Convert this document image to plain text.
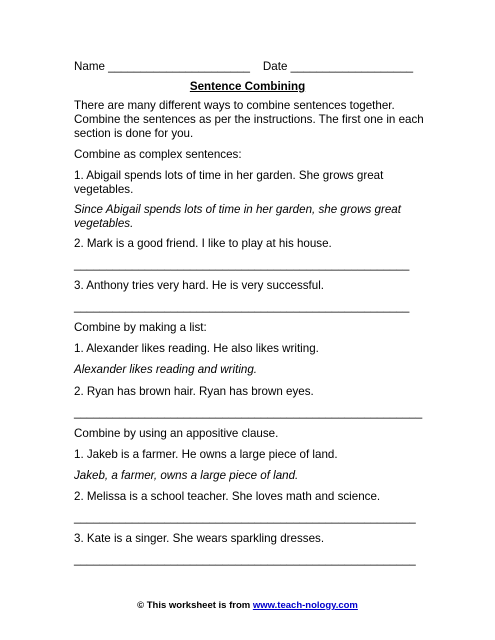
Name ______________________ Date ___________________
Sentence Combining
There are many different ways to combine sentences together. Combine the sentences as per the instructions. The first one in each section is done for you.
Combine as complex sentences:
1. Abigail spends lots of time in her garden. She grows great vegetables.
Since Abigail spends lots of time in her garden, she grows great vegetables.
2. Mark is a good friend. I like to play at his house.
____________________________________________________
3. Anthony tries very hard. He is very successful.
____________________________________________________
Combine by making a list:
1. Alexander likes reading. He also likes writing.
Alexander likes reading and writing.
2. Ryan has brown hair. Ryan has brown eyes.
______________________________________________________
Combine by using an appositive clause.
1. Jakeb is a farmer. He owns a large piece of land.
Jakeb, a farmer, owns a large piece of land.
2. Melissa is a school teacher. She loves math and science.
_____________________________________________________
3. Kate is a singer. She wears sparkling dresses.
_____________________________________________________
© This worksheet is from www.teach-nology.com
